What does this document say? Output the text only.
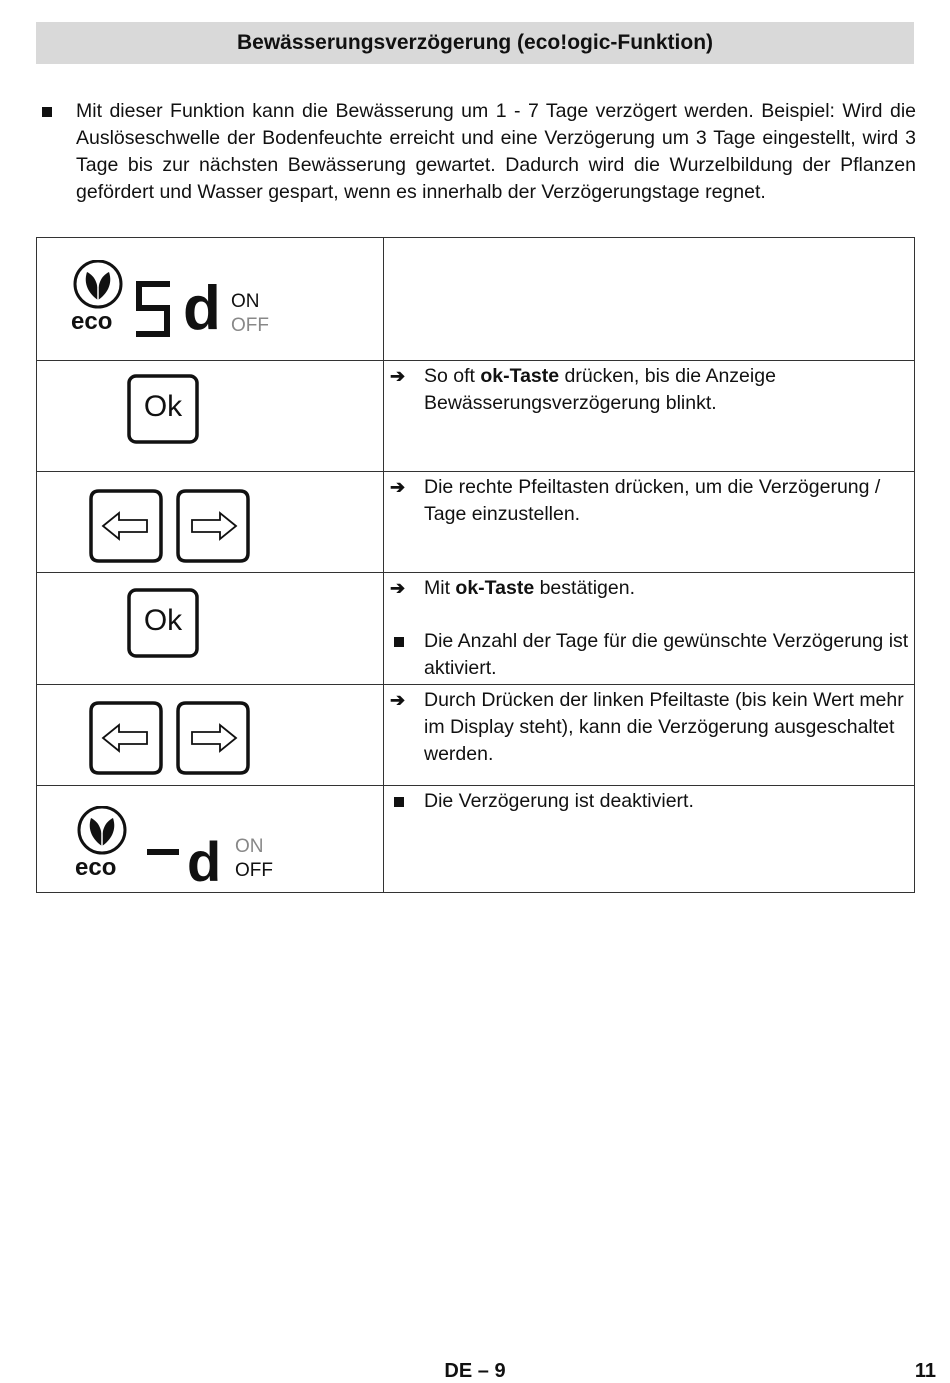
Bewässerungsverzögerung (eco!ogic-Funktion)

Mit dieser Funktion kann die Bewässerung um 1 - 7 Tage verzögert werden. Beispiel: Wird die Auslöseschwelle der Bodenfeuchte erreicht und eine Verzögerung um 3 Tage eingestellt, wird 3 Tage bis zur nächsten Bewässerung gewartet. Dadurch wird die Wurzelbildung der Pflanzen gefördert und Wasser gespart, wenn es innerhalb der Verzögerungstage regnet.

eco d ON
OFF	

Ok	➔ So oft ok-Taste drücken, bis die Anzeige Bewässerungsverzögerung blinkt.

➔ Die rechte Pfeiltasten drücken, um die Verzögerung / Tage einzustellen.

Ok	➔ Mit ok-Taste bestätigen.
Die Anzahl der Tage für die gewünschte Verzögerung ist aktiviert.

➔ Durch Drücken der linken Pfeiltaste (bis kein Wert mehr im Display steht), kann die Verzögerung ausgeschaltet werden.

eco d ON
OFF	Die Verzögerung ist deaktiviert.
DE – 9	11
